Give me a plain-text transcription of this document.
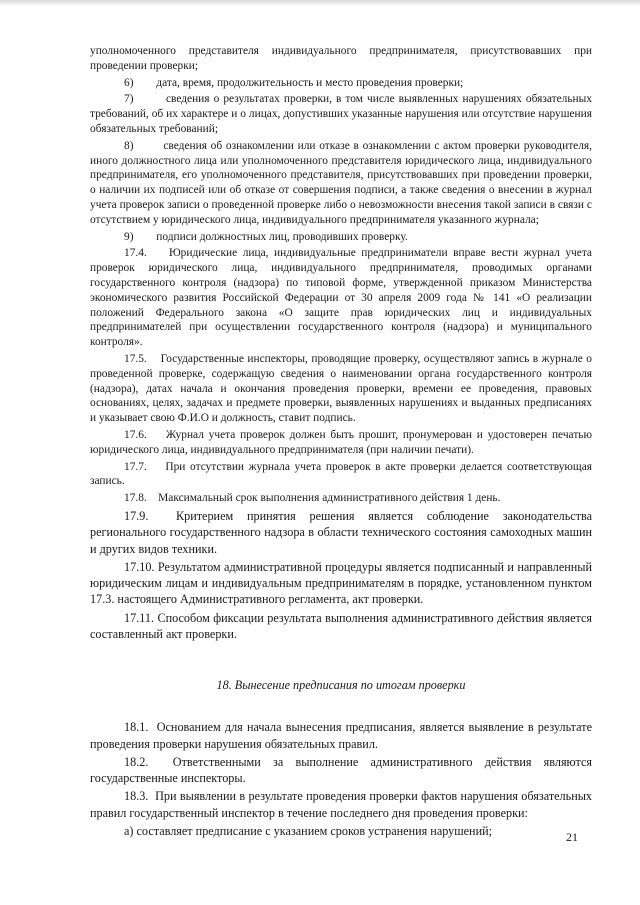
уполномоченного представителя индивидуального предпринимателя, присутствовавших при проведении проверки;

6)        дата, время, продолжительность и место проведения проверки;

7)        сведения о результатах проверки, в том числе выявленных нарушениях обязательных требований, об их характере и о лицах, допустивших указанные нарушения или отсутствие нарушения обязательных требований;

8)        сведения об ознакомлении или отказе в ознакомлении с актом проверки руководителя, иного должностного лица или уполномоченного представителя юридического лица, индивидуального предпринимателя, его уполномоченного представителя, присутствовавших при проведении проверки, о наличии их подписей или об отказе от совершения подписи, а также сведения о внесении в журнал учета проверок записи о проведенной проверке либо о невозможности внесения такой записи в связи с отсутствием у юридического лица, индивидуального предпринимателя указанного журнала;

9)        подписи должностных лиц, проводивших проверку.

17.4.    Юридические лица, индивидуальные предприниматели вправе вести журнал учета проверок юридического лица, индивидуального предпринимателя, проводимых органами государственного контроля (надзора) по типовой форме, утвержденной приказом Министерства экономического развития Российской Федерации от 30 апреля 2009 года № 141 «О реализации положений Федерального закона «О защите прав юридических лиц и индивидуальных предпринимателей при осуществлении государственного контроля (надзора) и муниципального контроля».

17.5.    Государственные инспекторы, проводящие проверку, осуществляют запись в журнале о проведенной проверке, содержащую сведения о наименовании органа государственного контроля (надзора), датах начала и окончания проведения проверки, времени ее проведения, правовых основаниях, целях, задачах и предмете проверки, выявленных нарушениях и выданных предписаниях и указывает свою Ф.И.О и должность, ставит подпись.

17.6.    Журнал учета проверок должен быть прошит, пронумерован и удостоверен печатью юридического лица, индивидуального предпринимателя (при наличии печати).

17.7.    При отсутствии журнала учета проверок в акте проверки делается соответствующая запись.

17.8.    Максимальный срок выполнения административного действия 1 день.

17.9.  Критерием принятия решения является соблюдение законодательства регионального государственного надзора в области технического состояния самоходных машин и других видов техники.

17.10. Результатом административной процедуры является подписанный и направленный юридическим лицам и индивидуальным предпринимателям в порядке, установленном пунктом 17.3. настоящего Административного регламента, акт проверки.

17.11. Способом фиксации результата выполнения административного действия является составленный акт проверки.

18. Вынесение предписания по итогам проверки

18.1.  Основанием для начала вынесения предписания, является выявление в результате проведения проверки нарушения обязательных правил.

18.2.  Ответственными за выполнение административного действия являются государственные инспекторы.

18.3.  При выявлении в результате проведения проверки фактов нарушения обязательных правил государственный инспектор в течение последнего дня проведения проверки:

а) составляет предписание с указанием сроков устранения нарушений;	21
